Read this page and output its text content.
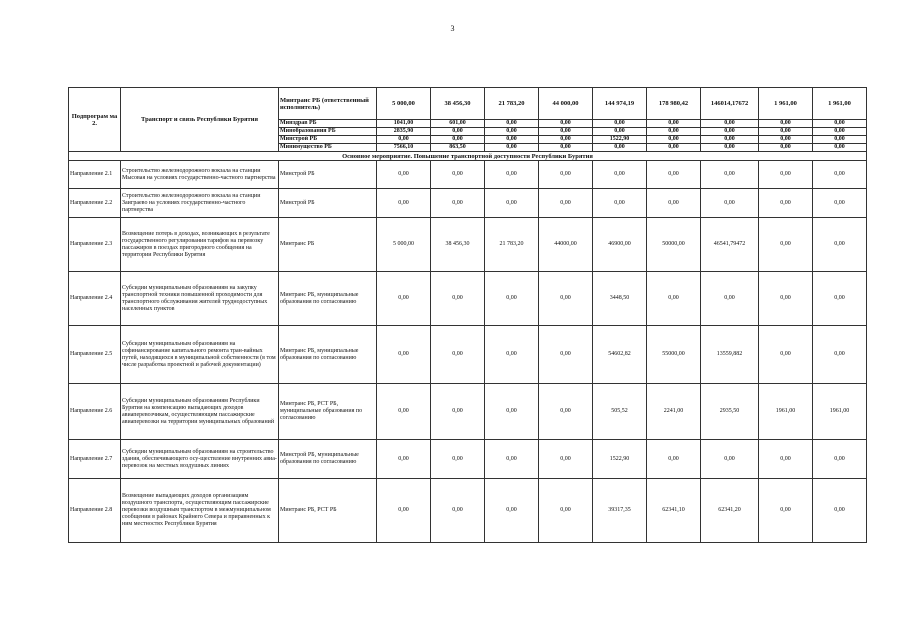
3
Подпрограм ма 2.	Транспорт и связь Республики Бурятия	Минтранс РБ (ответственный исполнитель)	5 000,00	38 456,30	21 783,20	44 000,00	144 974,19	178 980,42	146014,17672	1 961,00	1 961,00
		Минздрав РБ	1041,00	601,00	0,00	0,00	0,00	0,00	0,00	0,00	0,00
		Минобразования РБ	2835,90	0,00	0,00	0,00	0,00	0,00	0,00	0,00	0,00
		Минстрой РБ	0,00	0,00	0,00	0,00	1522,90	0,00	0,00	0,00	0,00
		Минимущество РБ	7566,10	863,50	0,00	0,00	0,00	0,00	0,00	0,00	0,00
Основное мероприятие. Повышение транспортной доступности Республики Бурятия											
Направление 2.1	Строительство железнодорожного вокзала на станции Мысовая на условиях государственно-частного партнерства	Минстрой РБ	0,00	0,00	0,00	0,00	0,00	0,00	0,00	0,00	0,00
Направление 2.2	Строительство железнодорожного вокзала на станции Заиграево на условиях государственно-частного партнерства	Минстрой РБ	0,00	0,00	0,00	0,00	0,00	0,00	0,00	0,00	0,00
Направление 2.3	Возмещение потерь в доходах, возникающих в результате государственного регулирования тарифов на перевозку пассажиров в поездах пригородного сообщения на территории Республики Бурятия	Минтранс РБ	5 000,00	38 456,30	21 783,20	44000,00	46900,00	50000,00	46541,79472	0,00	0,00
Направление 2.4	Субсидии муниципальным образованиям на закупку транспортной техники повышенной проходимости для транспортного обслуживания жителей труднодоступных населенных пунктов	Минтранс РБ, муниципальные образования по согласованию	0,00	0,00	0,00	0,00	3448,50	0,00	0,00	0,00	0,00
Направление 2.5	Субсидии муниципальным образованиям на софинансирование капитального ремонта тран-вайных путей, находящихся в муниципальной собственности (в том числе разработка проектной и рабочей документации)	Минтранс РБ, муниципальные образования по согласованию	0,00	0,00	0,00	0,00	54602,82	55000,00	13559,882	0,00	0,00
Направление 2.6	Субсидии муниципальным образованиям Республики Бурятия на компенсацию выпадающих доходов авиаперевозчикам, осуществляющим пассажирские авиаперевозки на территории муниципальных образований	Минтранс РБ, РСТ РБ, муниципальные образования по согласованию	0,00	0,00	0,00	0,00	505,52	2241,00	2935,50	1961,00	1961,00
Направление 2.7	Субсидии муниципальным образованиям на строительство здания, обеспечивающего осу-ществление внутренних авиа-перевозок на местных воздушных линиях	Минстрой РБ, муниципальные образования по согласованию	0,00	0,00	0,00	0,00	1522,90	0,00	0,00	0,00	0,00
Направление 2.8	Возмещение выпадающих доходов организациям воздушного транспорта, осуществляющим пассажирские перевозки воздушным транспортом в межмуниципальном сообщении в районах Крайнего Севера и приравненных к ним местностях Республики Бурятия	Минтранс РБ, РСТ РБ	0,00	0,00	0,00	0,00	39317,35	62341,10	62341,20	0,00	0,00
